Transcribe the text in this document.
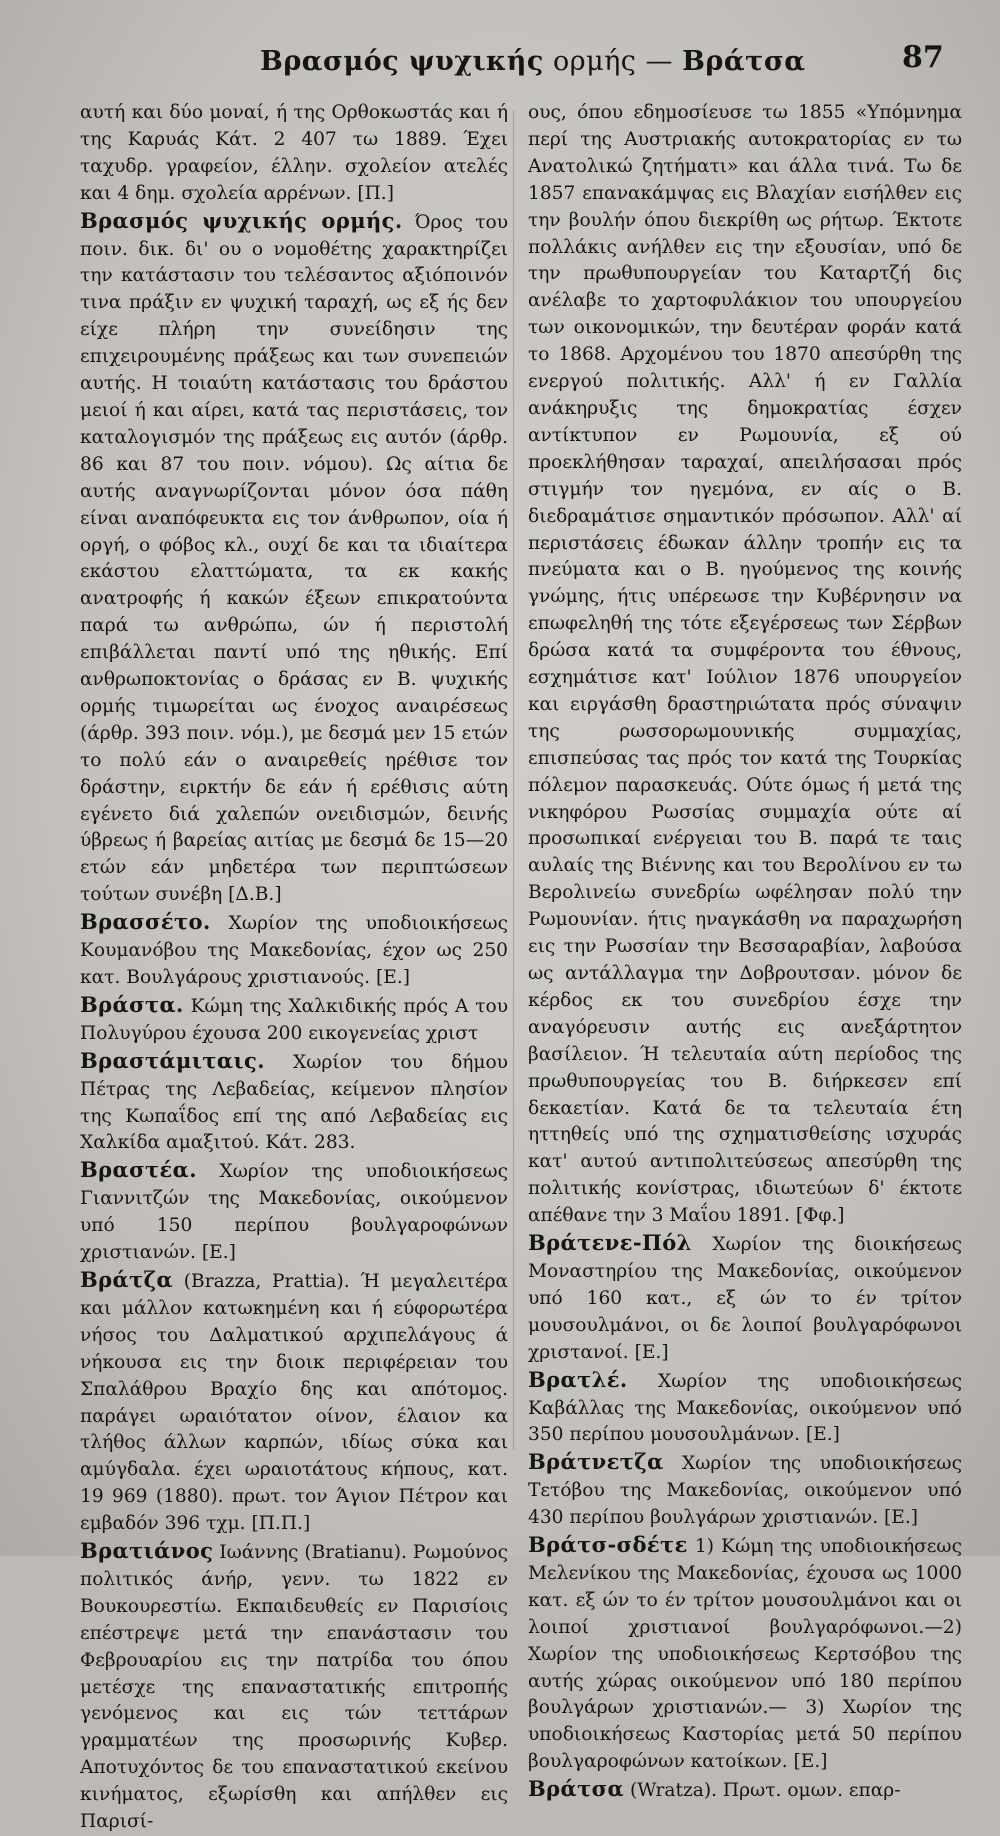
Βρασμός ψυχικής ορμής — Βράτσα	87

αυτή και δύο μοναί, ή της Ορθοκωστάς και ή της Καρυάς Κάτ. 2 407 τω 1889. Έχει ταχυδρ. γραφείον, έλλην. σχολείον ατελές και 4 δημ. σχολεία αρρένων. [Π.]

Βρασμός ψυχικής ορμής. Όρος του ποιν. δικ. δι' ου ο νομοθέτης χαρακτηρίζει την κατάστασιν του τελέσαντος αξιόποινόν τινα πράξιν εν ψυχική ταραχή, ως εξ ής δεν είχε πλήρη την συνείδησιν της επιχειρουμένης πράξεως και των συνεπειών αυτής. Η τοιαύτη κατάστασις του δράστου μειοί ή και αίρει, κατά τας περιστάσεις, τον καταλογισμόν της πράξεως εις αυτόν (άρθρ. 86 και 87 του ποιν. νόμου). Ως αίτια δε αυτής αναγνωρίζονται μόνον όσα πάθη είναι αναπόφευκτα εις τον άνθρωπον, οία ή οργή, ο φόβος κλ., ουχί δε και τα ιδιαίτερα εκάστου ελαττώματα, τα εκ κακής ανατροφής ή κακών έξεων επικρατούντα παρά τω ανθρώπω, ών ή περιστολή επιβάλλεται παντί υπό της ηθικής. Επί ανθρωποκτονίας ο δράσας εν Β. ψυχικής ορμής τιμωρείται ως ένοχος αναιρέσεως (άρθρ. 393 ποιν. νόμ.), με δεσμά μεν 15 ετών το πολύ εάν ο αναιρεθείς ηρέθισε τον δράστην, ειρκτήν δε εάν ή ερέθισις αύτη εγένετο διά χαλεπών ονειδισμών, δεινής ύβρεως ή βαρείας αιτίας με δεσμά δε 15—20 ετών εάν μηδετέρα των περιπτώσεων τούτων συνέβη [Δ.Β.]

Βρασσέτο. Χωρίον της υποδιοικήσεως Κουμανόβου της Μακεδονίας, έχον ως 250 κατ. Βουλγάρους χριστιανούς. [Ε.]

Βράστα. Κώμη της Χαλκιδικής πρός Α του Πολυγύρου έχουσα 200 εικογενείας χριστ

Βραστάμιταις. Χωρίον του δήμου Πέτρας της Λεβαδείας, κείμενον πλησίον της Κωπαΐδος επί της από Λεβαδείας εις Χαλκίδα αμαξιτού. Κάτ. 283.

Βραστέα. Χωρίον της υποδιοικήσεως Γιαννιτζών της Μακεδονίας, οικούμενον υπό 150 περίπου βουλγαροφώνων χριστιανών. [Ε.]

Βράτζα (Brazza, Prattia). Ή μεγαλειτέρα και μάλλον κατωκημένη και ή εύφορωτέρα νήσος του Δαλματικού αρχιπελάγους ά νήκουσα εις την διοικ περιφέρειαν του Σπαλάθρου Βραχίο δης και απότομος. παράγει ωραιότατον οίνον, έλαιον κα τλήθος άλλων καρπών, ιδίως σύκα και αμύγδαλα. έχει ωραιοτάτους κήπους, κατ. 19 969 (1880). πρωτ. τον Άγιον Πέτρον και εμβαδόν 396 τχμ. [Π.Π.]

Βρατιάνος Ιωάννης (Bratianu). Ρωμούνος πολιτικός άνήρ, γενν. τω 1822 εν Βουκουρεστίω. Εκπαιδευθείς εν Παρισίοις επέστρεψε μετά την επανάστασιν του Φεβρουαρίου εις την πατρίδα του όπου μετέσχε της επαναστατικής επιτροπής γενόμενος και εις τών τεττάρων γραμματέων της προσωρινής Κυβερ. Αποτυχόντος δε του επαναστατικού εκείνου κινήματος, εξωρίσθη και απήλθεν εις Παρισί-

ους, όπου εδημοσίευσε τω 1855 «Υπόμνημα περί της Αυστριακής αυτοκρατορίας εν τω Ανατολικώ ζητήματι» και άλλα τινά. Τω δε 1857 επανακάμψας εις Βλαχίαν εισήλθεν εις την βουλήν όπου διεκρίθη ως ρήτωρ. Έκτοτε πολλάκις ανήλθεν εις την εξουσίαν, υπό δε την πρωθυπουργείαν του Καταρτζή δις ανέλαβε το χαρτοφυλάκιον του υπουργείου των οικονομικών, την δευτέραν φοράν κατά το 1868. Αρχομένου του 1870 απεσύρθη της ενεργού πολιτικής. Αλλ' ή εν Γαλλία ανάκηρυξις της δημοκρατίας έσχεν αντίκτυπον εν Ρωμουνία, εξ ού προεκλήθησαν ταραχαί, απειλήσασαι πρός στιγμήν τον ηγεμόνα, εν αίς ο Β. διεδραμάτισε σημαντικόν πρόσωπον. Αλλ' αί περιστάσεις έδωκαν άλλην τροπήν εις τα πνεύματα και ο Β. ηγούμενος της κοινής γνώμης, ήτις υπέρεωσε την Κυβέρνησιν να επωφεληθή της τότε εξεγέρσεως των Σέρβων δρώσα κατά τα συμφέροντα του έθνους, εσχημάτισε κατ' Ιούλιον 1876 υπουργείον και ειργάσθη δραστηριώτατα πρός σύναψιν της ρωσσορωμουνικής συμμαχίας, επισπεύσας τας πρός τον κατά της Τουρκίας πόλεμον παρασκευάς. Ούτε όμως ή μετά της νικηφόρου Ρωσσίας συμμαχία ούτε αί προσωπικαί ενέργειαι του Β. παρά τε ταις αυλαίς της Βιέννης και του Βερολίνου εν τω Βερολινείω συνεδρίω ωφέλησαν πολύ την Ρωμουνίαν. ήτις ηναγκάσθη να παραχωρήση εις την Ρωσσίαν την Βεσσαραβίαν, λαβούσα ως αντάλλαγμα την Δοβρουτσαν. μόνον δε κέρδος εκ του συνεδρίου έσχε την αναγόρευσιν αυτής εις ανεξάρτητον βασίλειον. Ή τελευταία αύτη περίοδος της πρωθυπουργείας του Β. διήρκεσεν επί δεκαετίαν. Κατά δε τα τελευταία έτη ηττηθείς υπό της σχηματισθείσης ισχυράς κατ' αυτού αντιπολιτεύσεως απεσύρθη της πολιτικής κονίστρας, ιδιωτεύων δ' έκτοτε απέθανε την 3 Μαΐου 1891. [Φφ.]

Βράτενε-Πόλ Χωρίον της διοικήσεως Μοναστηρίου της Μακεδονίας, οικούμενον υπό 160 κατ., εξ ών το έν τρίτον μουσουλμάνοι, οι δε λοιποί βουλγαρόφωνοι χριστανοί. [Ε.]

Βρατλέ. Χωρίον της υποδιοικήσεως Καβάλλας της Μακεδονίας, οικούμενον υπό 350 περίπου μουσουλμάνων. [Ε.]

Βράτνετζα Χωρίον της υποδιοικήσεως Τετόβου της Μακεδονίας, οικούμενον υπό 430 περίπου βουλγάρων χριστιανών. [Ε.]

Βράτσ-σδέτε 1) Κώμη της υποδιοικήσεως Μελενίκου της Μακεδονίας, έχουσα ως 1000 κατ. εξ ών το έν τρίτον μουσουλμάνοι και οι λοιποί χριστιανοί βουλγαρόφωνοι.—2) Χωρίον της υποδιοικήσεως Κερτσόβου της αυτής χώρας οικούμενον υπό 180 περίπου βουλγάρων χριστιανών.— 3) Χωρίον της υποδιοικήσεως Καστορίας μετά 50 περίπου βουλγαροφώνων κατοίκων. [Ε.]

Βράτσα (Wratza). Πρωτ. ομων. επαρ-
